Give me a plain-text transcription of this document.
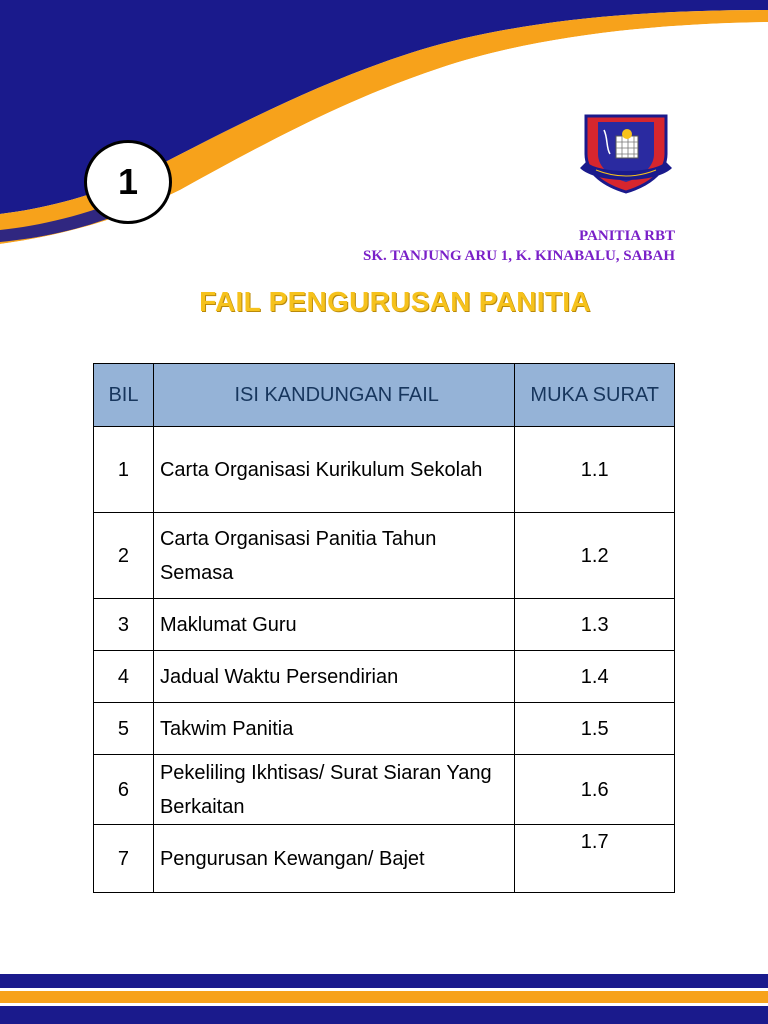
1
PANITIA RBT
SK. TANJUNG ARU 1, K. KINABALU, SABAH
FAIL PENGURUSAN PANITIA
BIL	ISI KANDUNGAN FAIL	MUKA SURAT
1	Carta Organisasi Kurikulum Sekolah	1.1
2	Carta Organisasi Panitia Tahun Semasa	1.2
3	Maklumat Guru	1.3
4	Jadual Waktu Persendirian	1.4
5	Takwim Panitia	1.5
6	Pekeliling Ikhtisas/ Surat Siaran Yang Berkaitan	1.6
7	Pengurusan Kewangan/ Bajet	1.7
